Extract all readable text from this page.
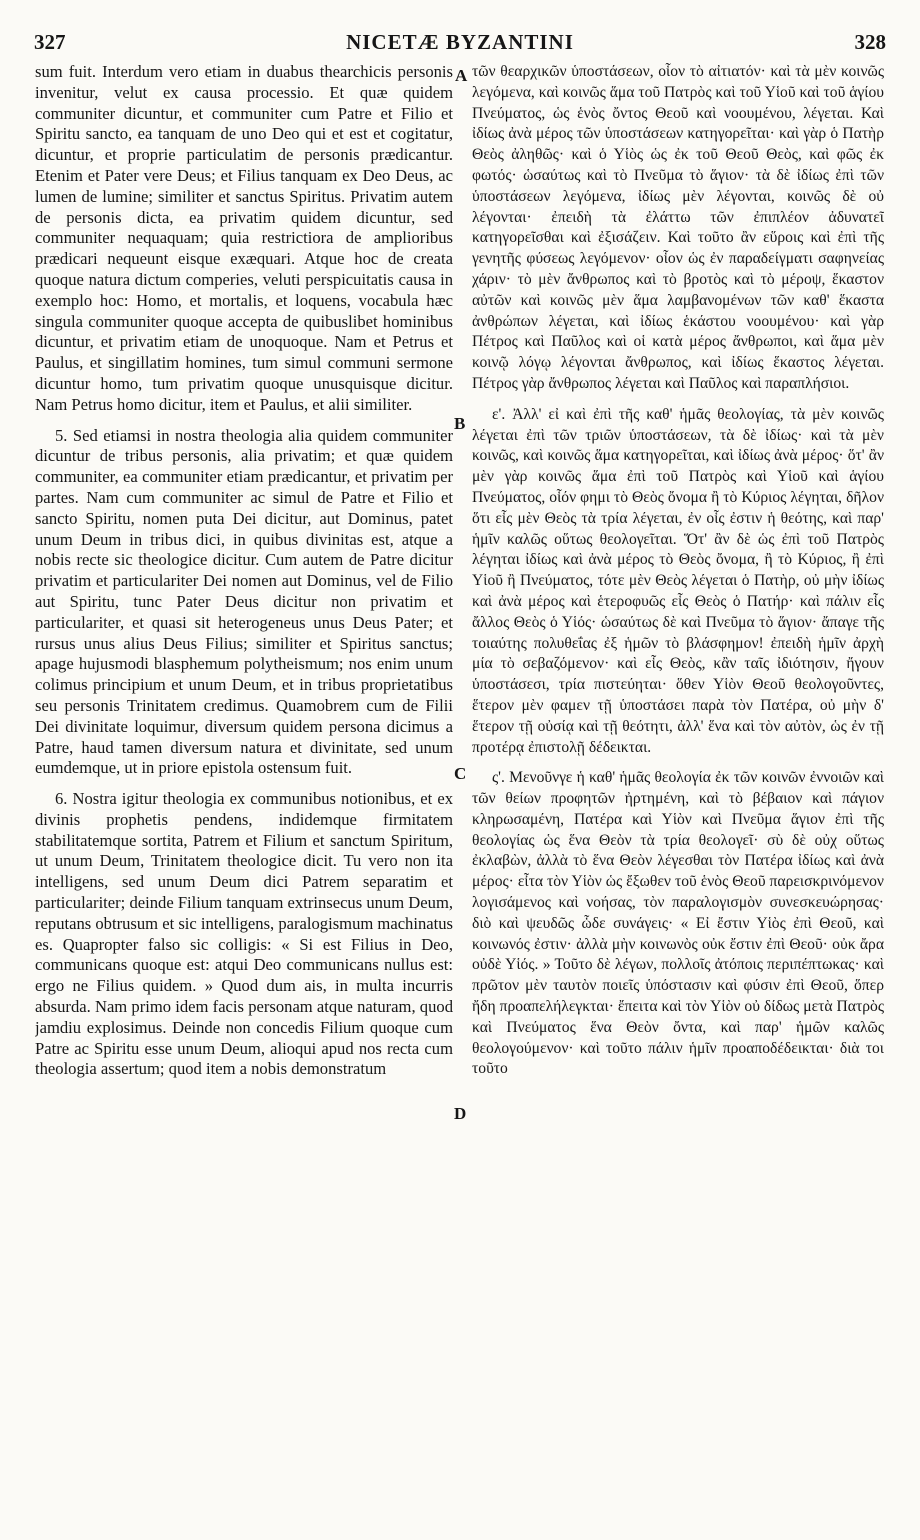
327	NICETÆ BYZANTINI	328

sum fuit. Interdum vero etiam in duabus thearchicis personis invenitur, velut ex causa processio. Et quæ quidem communiter dicuntur, et communiter cum Patre et Filio et Spiritu sancto, ea tanquam de uno Deo qui et est et cogitatur, dicuntur, et proprie particulatim de personis prædicantur. Etenim et Pater vere Deus; et Filius tanquam ex Deo Deus, ac lumen de lumine; similiter et sanctus Spiritus. Privatim autem de personis dicta, ea privatim quidem dicuntur, sed communiter nequaquam; quia restrictiora de amplioribus prædicari nequeunt eisque exæquari. Atque hoc de creata quoque natura dictum comperies, veluti perspicuitatis causa in exemplo hoc: Homo, et mortalis, et loquens, vocabula hæc singula communiter quoque accepta de quibuslibet hominibus dicuntur, et privatim etiam de unoquoque. Nam et Petrus et Paulus, et singillatim homines, tum simul communi sermone dicuntur homo, tum privatim quoque unusquisque dicitur. Nam Petrus homo dicitur, item et Paulus, et alii similiter.

5. Sed etiamsi in nostra theologia alia quidem communiter dicuntur de tribus personis, alia privatim; et quæ quidem communiter, ea communiter etiam prædicantur, et privatim per partes. Nam cum communiter ac simul de Patre et Filio et sancto Spiritu, nomen puta Dei dicitur, aut Dominus, patet unum Deum in tribus dici, in quibus divinitas est, atque a nobis recte sic theologice dicitur. Cum autem de Patre dicitur privatim et particulariter Dei nomen aut Dominus, vel de Filio aut Spiritu, tunc Pater Deus dicitur non privatim et particulariter, et quasi sit heterogeneus unus Deus Pater; et rursus unus alius Deus Filius; similiter et Spiritus sanctus; apage hujusmodi blasphemum polytheismum; nos enim unum colimus principium et unum Deum, et in tribus proprietatibus seu personis Trinitatem credimus. Quamobrem cum de Filii Dei divinitate loquimur, diversum quidem persona dicimus a Patre, haud tamen diversum natura et divinitate, sed unum eumdemque, ut in priore epistola ostensum fuit.

6. Nostra igitur theologia ex communibus notionibus, et ex divinis prophetis pendens, indidemque firmitatem stabilitatemque sortita, Patrem et Filium et sanctum Spiritum, ut unum Deum, Trinitatem theologice dicit. Tu vero non ita intelligens, sed unum Deum dici Patrem separatim et particulariter; deinde Filium tanquam extrinsecus unum Deum, reputans obtrusum et sic intelligens, paralogismum machinatus es. Quapropter falso sic colligis: « Si est Filius in Deo, communicans quoque est: atqui Deo communicans nullus est: ergo ne Filius quidem. » Quod dum ais, in multa incurris absurda. Nam primo idem facis personam atque naturam, quod jamdiu explosimus. Deinde non concedis Filium quoque cum Patre ac Spiritu esse unum Deum, alioqui apud nos recta cum theologia assertum; quod item a nobis demonstratum

A
B
C
D

τῶν θεαρχικῶν ὑποστάσεων, οἷον τὸ αἰτιατόν· καὶ τὰ μὲν κοινῶς λεγόμενα, καὶ κοινῶς ἅμα τοῦ Πατρὸς καὶ τοῦ Υἱοῦ καὶ τοῦ ἁγίου Πνεύματος, ὡς ἑνὸς ὄντος Θεοῦ καὶ νοουμένου, λέγεται. Καὶ ἰδίως ἀνὰ μέρος τῶν ὑποστάσεων κατηγορεῖται· καὶ γὰρ ὁ Πατὴρ Θεὸς ἀληθῶς· καὶ ὁ Υἱὸς ὡς ἐκ τοῦ Θεοῦ Θεὸς, καὶ φῶς ἐκ φωτός· ὡσαύτως καὶ τὸ Πνεῦμα τὸ ἅγιον· τὰ δὲ ἰδίως ἐπὶ τῶν ὑποστάσεων λεγόμενα, ἰδίως μὲν λέγονται, κοινῶς δὲ οὐ λέγονται· ἐπειδὴ τὰ ἐλάττω τῶν ἐπιπλέον ἀδυνατεῖ κατηγορεῖσθαι καὶ ἐξισάζειν. Καὶ τοῦτο ἂν εὕροις καὶ ἐπὶ τῆς γενητῆς φύσεως λεγόμενον· οἷον ὡς ἐν παραδείγματι σαφηνείας χάριν· τὸ μὲν ἄνθρωπος καὶ τὸ βροτὸς καὶ τὸ μέροψ, ἕκαστον αὐτῶν καὶ κοινῶς μὲν ἅμα λαμβανομένων τῶν καθ' ἕκαστα ἀνθρώπων λέγεται, καὶ ἰδίως ἑκάστου νοουμένου· καὶ γὰρ Πέτρος καὶ Παῦλος καὶ οἱ κατὰ μέρος ἄνθρωποι, καὶ ἅμα μὲν κοινῷ λόγῳ λέγονται ἄνθρωπος, καὶ ἰδίως ἕκαστος λέγεται. Πέτρος γὰρ ἄνθρωπος λέγεται καὶ Παῦλος καὶ παραπλήσιοι.

ε'. Ἀλλ' εἰ καὶ ἐπὶ τῆς καθ' ἡμᾶς θεολογίας, τὰ μὲν κοινῶς λέγεται ἐπὶ τῶν τριῶν ὑποστάσεων, τὰ δὲ ἰδίως· καὶ τὰ μὲν κοινῶς, καὶ κοινῶς ἅμα κατηγορεῖται, καὶ ἰδίως ἀνὰ μέρος· ὅτ' ἂν μὲν γὰρ κοινῶς ἅμα ἐπὶ τοῦ Πατρὸς καὶ Υἱοῦ καὶ ἁγίου Πνεύματος, οἷόν φημι τὸ Θεὸς ὄνομα ἢ τὸ Κύριος λέγηται, δῆλον ὅτι εἷς μὲν Θεὸς τὰ τρία λέγεται, ἐν οἷς ἐστιν ἡ θεότης, καὶ παρ' ἡμῖν καλῶς οὕτως θεολογεῖται. Ὅτ' ἂν δὲ ὡς ἐπὶ τοῦ Πατρὸς λέγηται ἰδίως καὶ ἀνὰ μέρος τὸ Θεὸς ὄνομα, ἢ τὸ Κύριος, ἢ ἐπὶ Υἱοῦ ἢ Πνεύματος, τότε μὲν Θεὸς λέγεται ὁ Πατὴρ, οὐ μὴν ἰδίως καὶ ἀνὰ μέρος καὶ ἑτεροφυῶς εἷς Θεὸς ὁ Πατήρ· καὶ πάλιν εἷς ἄλλος Θεὸς ὁ Υἱός· ὡσαύτως δὲ καὶ Πνεῦμα τὸ ἅγιον· ἄπαγε τῆς τοιαύτης πολυθεΐας ἐξ ἡμῶν τὸ βλάσφημον! ἐπειδὴ ἡμῖν ἀρχὴ μία τὸ σεβαζόμενον· καὶ εἷς Θεὸς, κἂν ταῖς ἰδιότησιν, ἤγουν ὑποστάσεσι, τρία πιστεύηται· ὅθεν Υἱὸν Θεοῦ θεολογοῦντες, ἕτερον μὲν φαμεν τῇ ὑποστάσει παρὰ τὸν Πατέρα, οὐ μὴν δ' ἕτερον τῇ οὐσίᾳ καὶ τῇ θεότητι, ἀλλ' ἕνα καὶ τὸν αὐτὸν, ὡς ἐν τῇ προτέρᾳ ἐπιστολῇ δέδεικται.

ς'. Μενοῦνγε ἡ καθ' ἡμᾶς θεολογία ἐκ τῶν κοινῶν ἐννοιῶν καὶ τῶν θείων προφητῶν ἠρτημένη, καὶ τὸ βέβαιον καὶ πάγιον κληρωσαμένη, Πατέρα καὶ Υἱὸν καὶ Πνεῦμα ἅγιον ἐπὶ τῆς θεολογίας ὡς ἕνα Θεὸν τὰ τρία θεολογεῖ· σὺ δὲ οὐχ οὕτως ἐκλαβὼν, ἀλλὰ τὸ ἕνα Θεὸν λέγεσθαι τὸν Πατέρα ἰδίως καὶ ἀνὰ μέρος· εἶτα τὸν Υἱὸν ὡς ἔξωθεν τοῦ ἑνὸς Θεοῦ παρεισκρινόμενον λογισάμενος καὶ νοήσας, τὸν παραλογισμὸν συνεσκευώρησας· διὸ καὶ ψευδῶς ὧδε συνάγεις· « Εἰ ἔστιν Υἱὸς ἐπὶ Θεοῦ, καὶ κοινωνός ἐστιν· ἀλλὰ μὴν κοινωνὸς οὐκ ἔστιν ἐπὶ Θεοῦ· οὐκ ἄρα οὐδὲ Υἱός. » Τοῦτο δὲ λέγων, πολλοῖς ἀτόποις περιπέπτωκας· καὶ πρῶτον μὲν ταυτὸν ποιεῖς ὑπόστασιν καὶ φύσιν ἐπὶ Θεοῦ, ὅπερ ἤδη προαπελήλεγκται· ἔπειτα καὶ τὸν Υἱὸν οὐ δίδως μετὰ Πατρὸς καὶ Πνεύματος ἕνα Θεὸν ὄντα, καὶ παρ' ἡμῶν καλῶς θεολογούμενον· καὶ τοῦτο πάλιν ἡμῖν προαποδέδεικται· διὰ τοι τοῦτο
